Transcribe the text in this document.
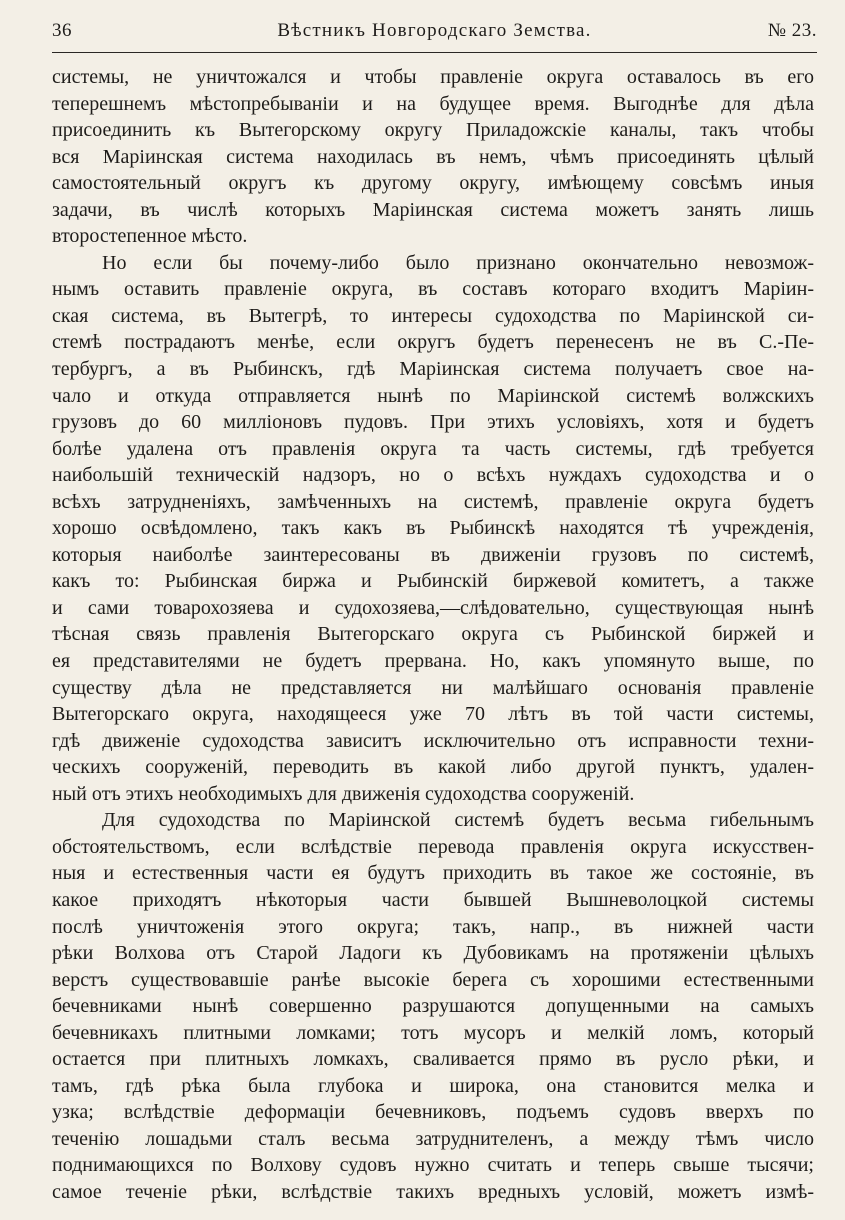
36	Вѣстникъ Новгородскаго Земства.	№ 23.
системы, не уничтожался и чтобы правленіе округа оставалось въ его
теперешнемъ мѣстопребываніи и на будущее время. Выгоднѣе для дѣла
присоединить къ Вытегорскому округу Приладожскіе каналы, такъ чтобы
вся Маріинская система находилась въ немъ, чѣмъ присоединять цѣлый
самостоятельный округъ къ другому округу, имѣющему совсѣмъ иныя
задачи, въ числѣ которыхъ Маріинская система можетъ занять лишь
второстепенное мѣсто.
Но если бы почему-либо было признано окончательно невозмож-
нымъ оставить правленіе округа, въ составъ котораго входитъ Маріин-
ская система, въ Вытегрѣ, то интересы судоходства по Маріинской си-
стемѣ пострадаютъ менѣе, если округъ будетъ перенесенъ не въ С.-Пе-
тербургъ, а въ Рыбинскъ, гдѣ Маріинская система получаетъ свое на-
чало и откуда отправляется нынѣ по Маріинской системѣ волжскихъ
грузовъ до 60 милліоновъ пудовъ. При этихъ условіяхъ, хотя и будетъ
болѣе удалена отъ правленія округа та часть системы, гдѣ требуется
наибольшій техническій надзоръ, но о всѣхъ нуждахъ судоходства и о
всѣхъ затрудненіяхъ, замѣченныхъ на системѣ, правленіе округа будетъ
хорошо освѣдомлено, такъ какъ въ Рыбинскѣ находятся тѣ учрежденія,
которыя наиболѣе заинтересованы въ движеніи грузовъ по системѣ,
какъ то: Рыбинская биржа и Рыбинскій биржевой комитетъ, а также
и сами товарохозяева и судохозяева,—слѣдовательно, существующая нынѣ
тѣсная связь правленія Вытегорскаго округа съ Рыбинской биржей и
ея представителями не будетъ прервана. Но, какъ упомянуто выше, по
существу дѣла не представляется ни малѣйшаго основанія правленіе
Вытегорскаго округа, находящееся уже 70 лѣтъ въ той части системы,
гдѣ движеніе судоходства зависитъ исключительно отъ исправности техни-
ческихъ сооруженій, переводить въ какой либо другой пунктъ, удален-
ный отъ этихъ необходимыхъ для движенія судоходства сооруженій.
Для судоходства по Маріинской системѣ будетъ весьма гибельнымъ
обстоятельствомъ, если вслѣдствіе перевода правленія округа искусствен-
ныя и естественныя части ея будутъ приходить въ такое же состояніе, въ
какое приходятъ нѣкоторыя части бывшей Вышневолоцкой системы
послѣ уничтоженія этого округа; такъ, напр., въ нижней части
рѣки Волхова отъ Старой Ладоги къ Дубовикамъ на протяженіи цѣлыхъ
верстъ существовавшіе ранѣе высокіе берега съ хорошими естественными
бечевниками нынѣ совершенно разрушаются допущенными на самыхъ
бечевникахъ плитными ломками; тотъ мусоръ и мелкій ломъ, который
остается при плитныхъ ломкахъ, сваливается прямо въ русло рѣки, и
тамъ, гдѣ рѣка была глубока и широка, она становится мелка и
узка; вслѣдствіе деформаціи бечевниковъ, подъемъ судовъ вверхъ по
теченію лошадьми сталъ весьма затруднителенъ, а между тѣмъ число
поднимающихся по Волхову судовъ нужно считать и теперь свыше тысячи;
самое теченіе рѣки, вслѣдствіе такихъ вредныхъ условій, можетъ измѣ-
